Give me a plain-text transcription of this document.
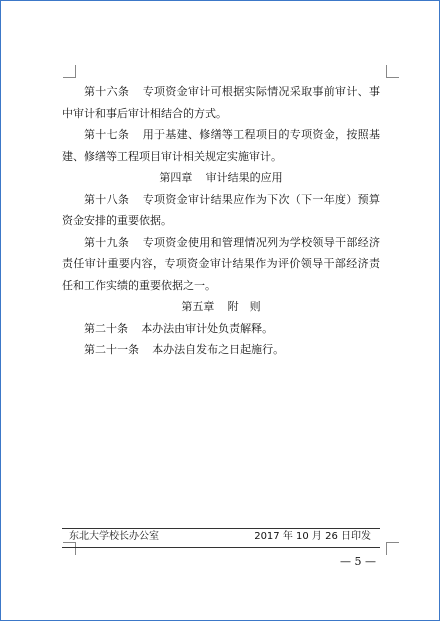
第十六条 专项资金审计可根据实际情况采取事前审计、事中审计和事后审计相结合的方式。

第十七条 用于基建、修缮等工程项目的专项资金，按照基建、修缮等工程项目审计相关规定实施审计。

第四章 审计结果的应用

第十八条 专项资金审计结果应作为下次（下一年度）预算资金安排的重要依据。

第十九条 专项资金使用和管理情况列为学校领导干部经济责任审计重要内容，专项资金审计结果作为评价领导干部经济责任和工作实绩的重要依据之一。

第五章 附　则

第二十条 本办法由审计处负责解释。

第二十一条 本办法自发布之日起施行。

东北大学校长办公室	2017 年 10 月 26 日印发
— 5 —
